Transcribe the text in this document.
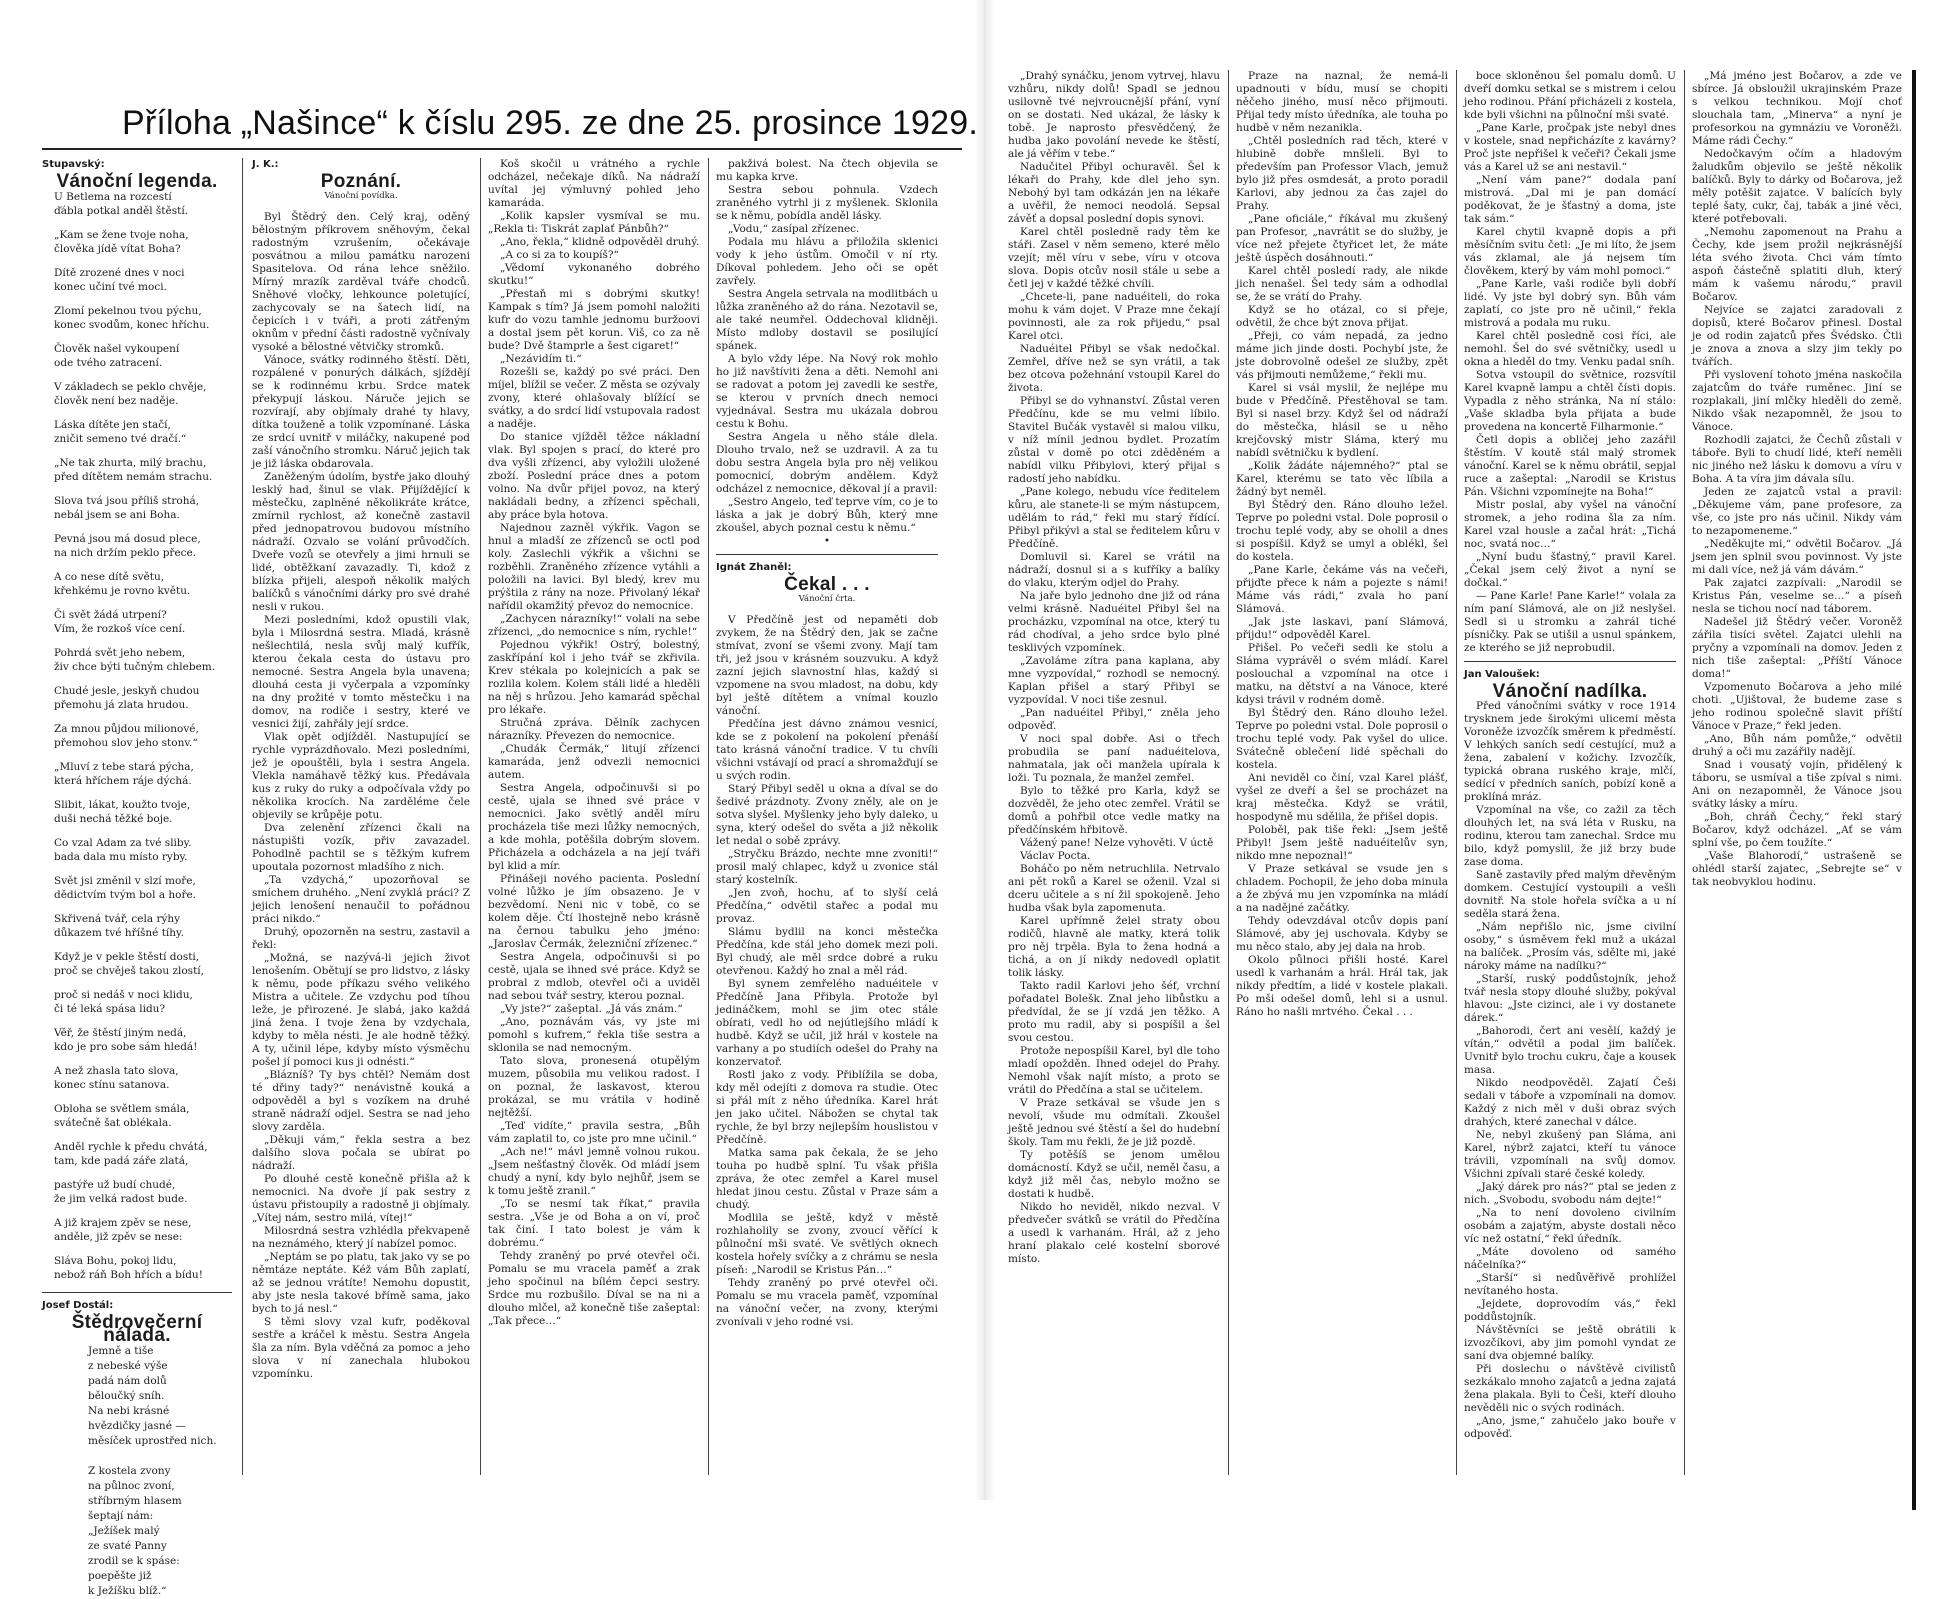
Příloha „Našince“ k číslu 295. ze dne 25. prosince 1929.
Stupavský:
Vánoční legenda.
U Betlema na rozcestí
ďábla potkal anděl štěstí.
„Kam se žene tvoje noha,
člověka jídě vítat Boha?
Dítě zrozené dnes v noci
konec učiní tvé moci.
Zlomí pekelnou tvou pýchu,
konec svodům, konec hříchu.
Člověk našel vykoupení
ode tvého zatracení.
V základech se peklo chvěje,
člověk není bez naděje.
Láska dítěte jen stačí,
zničit semeno tvé dračí.“
„Ne tak zhurta, milý brachu,
před dítětem nemám strachu.
Slova tvá jsou příliš strohá,
nebál jsem se ani Boha.
Pevná jsou má dosud plece,
na nich držím peklo přece.
A co nese dítě světu,
křehkému je rovno květu.
Či svět žádá utrpení?
Vím, že rozkoš více cení.
Pohrdá svět jeho nebem,
živ chce býti tučným chlebem.
Chudé jesle, jeskyň chudou
přemohu já zlata hrudou.
Za mnou půjdou milionové,
přemohou slov jeho stonv.“
„Mluví z tebe stará pýcha,
která hříchem ráje dýchá.
Slibit, lákat, koužto tvoje,
duši nechá těžké boje.
Co vzal Adam za tvé sliby.
bada dala mu místo ryby.
Svět jsi změnil v slzí moře,
dědictvím tvým bol a hoře.
Skřivená tvář, cela rýhy
důkazem tvé hříšné tíhy.
Když je v pekle štěstí dosti,
proč se chvěješ takou zlostí,
proč si nedáš v noci klidu,
či té leká spása lidu?
Věř, že štěstí jiným nedá,
kdo je pro sobe sám hledá!
A než zhasla tato slova,
konec stínu satanova.
Obloha se světlem smála,
svátečně šat oblékala.
Anděl rychle k předu chvátá,
tam, kde padá záře zlatá,
pastýře už budí chudé,
že jim velká radost bude.
A již krajem zpěv se nese,
anděle, již zpěv se nese:
Sláva Bohu, pokoj lidu,
nebož ráň Boh hřích a bídu!
Josef Dostál:
Štědrovečerní nálada.
Jemně a tiše
z nebeské výše
padá nám dolů
běloučký sníh.
Na nebi krásné
hvězdičky jasné —
měsíček uprostřed nich.

Z kostela zvony
na půlnoc zvoní,
stříbrným hlasem
šeptají nám:
„Ježíšek malý
ze svaté Panny
zrodil se k spáse:
poepěšte již
k Ježíšku blíž.“
J. K.:
Poznání.
Vánoční povídka.

Byl Štědrý den. Celý kraj, oděný bělostným příkrovem sněhovým, čekal radostným vzrušením, očekávaje posvátnou a milou památku narozeni Spasitelova. Od rána lehce sněžilo. Mírný mrazík zarděval tváře chodců. Sněhové vločky, lehkounce poletující, zachycovaly se na šatech lidí, na čepicích i v tváři, a proti zátřeným oknům v přední části radostně vyčnívaly vysoké a bělostné větvičky stromků.

Vánoce, svátky rodinného štěstí. Děti, rozpálené v ponurých dálkách, sjíždějí se k rodinnému krbu. Srdce matek překypují láskou. Náruče jejich se rozvírají, aby objímaly drahé ty hlavy, dítka touženě a tolik vzpomínané. Láska ze srdcí uvnitř v miláčky, nakupené pod zaší vánočního stromku. Náruč jejich tak je již láska obdarovala.

Zaněženým údolím, bystře jako dlouhý lesklý had, šinul se vlak. Přijíždějící k městečku, zaplněné několikráte krátce, zmírnil rychlost, až konečně zastavil před jednopatrovou budovou místního nádraží. Ozvalo se volání průvodčích. Dveře vozů se otevřely a jimi hrnuli se lidé, obtěžkaní zavazadly. Ti, kdož z blízka přijeli, alespoň několik malých balíčků s vánočními dárky pro své drahé nesli v rukou.

Mezi posledními, kdož opustili vlak, byla i Milosrdná sestra. Mladá, krásně nešlechtilá, nesla svůj malý kufřík, kterou čekala cesta do ústavu pro nemocné. Sestra Angela byla unavena; dlouhá cesta ji vyčerpala a vzpomínky na dny prožité v tomto městečku i na domov, na rodiče i sestry, které ve vesnici žijí, zahřály její srdce.

Vlak opět odjížděl. Nastupující se rychle vyprázdňovalo. Mezi posledními, jež je opouštěli, byla i sestra Angela. Vlekla namáhavě těžký kus. Předávala kus z ruky do ruky a odpočívala vždy po několika krocích. Na zarděléme čele objevily se krůpěje potu.

Dva zelenění zřízenci čkali na nástupišti vozík, přiv zavazadel. Pohodlně pachtil se s těžkým kufrem upoutala pozornost mladšího z nich.

„Ta vzdychá,“ upozorňoval se smíchem druhého. „Není zvyklá práci? Z jejich lenošení nenaučil to pořádnou práci nikdo.“

Druhý, opozorněn na sestru, zastavil a řekl:

„Možná, se nazývá-li jejich život lenošením. Obětují se pro lidstvo, z lásky k němu, pode příkazu svého velikého Mistra a učitele. Ze vzdychu pod tíhou leže, je přirozené. Je slabá, jako každá jiná žena. I tvoje žena by vzdychala, kdyby to měla nésti. Je ale hodně těžký. A ty, učinil lépe, kdyby místo výsměchu pošel jí pomoci kus ji odnésti.“

„Blázníš? Ty bys chtěl? Nemám dost té dřiny tady?“ nenávistně kouká a odpověděl a byl s vozíkem na druhé straně nádraží odjel. Sestra se nad jeho slovy zarděla.

„Děkuji vám,“ řekla sestra a bez dalšího slova počala se ubírat po nádraží.

Po dlouhé cestě konečně přišla až k nemocnici. Na dvoře jí pak sestry z ústavu přistoupily a radostně ji objímaly. „Vítej nám, sestro milá, vítej!“

Milosrdná sestra vzhlédla překvapeně na neznámého, který jí nabízel pomoc.

„Neptám se po platu, tak jako vy se po němtáze neptáte. Kéž vám Bůh zaplatí, až se jednou vrátíte! Nemohu dopustit, aby jste nesla takové břímě sama, jako bych to já nesl.“

S těmi slovy vzal kufr, poděkoval sestře a kráčel k městu. Sestra Angela šla za ním. Byla vděčná za pomoc a jeho slova v ní zanechala hlubokou vzpomínku.

Koš skočil u vrátného a rychle odcházel, nečekaje díků. Na nádraží uvítal jej výmluvný pohled jeho kamaráda.

„Kolik kapsler vysmíval se mu. „Rekla ti: Tiskrát zaplať Pánbůh?“

„Ano, řekla,“ klidně odpověděl druhý.

„A co si za to koupíš?“

„Vědomí vykonaného dobrého skutku!“

„Přestaň mi s dobrými skutky! Kampak s tím? Já jsem pomohl naložiti kufr do vozu tamhle jednomu buržoovi a dostal jsem pět korun. Viš, co za ně bude? Dvě štamprle a šest cigaret!“

„Nezávidím ti.“

Rozešli se, každý po své práci. Den míjel, blížil se večer. Z města se ozývaly zvony, které ohlašovaly blížící se svátky, a do srdcí lidí vstupovala radost a naděje.

Do stanice vjížděl těžce nákladní vlak. Byl spojen s prací, do které pro dva vyšli zřízenci, aby vyložili uložené zboží. Poslední práce dnes a potom volno. Na dvůr přijel povoz, na který nakládali bedny, a zřízenci spěchali, aby práce byla hotova.

Najednou zazněl výkřik. Vagon se hnul a mladší ze zřízenců se octl pod koly. Zaslechli výkřik a všichni se rozběhli. Zraněného zřízence vytáhli a položili na lavici. Byl bledý, krev mu prýštila z rány na noze. Přivolaný lékař nařídil okamžitý převoz do nemocnice.

„Zachycen nárazníky!“ volali na sebe zřízenci, „do nemocnice s ním, rychle!“

Pojednou výkřik! Ostrý, bolestný, zaskřípání kol i jeho tvář se zkřivila. Krev stékala po kolejnicích a pak se rozlila kolem. Kolem stáli lidé a hleděli na něj s hrůzou. Jeho kamarád spěchal pro lékaře.

Stručná zpráva. Dělník zachycen nárazníky. Převezen do nemocnice.

„Chudák Čermák,“ litují zřízenci kamaráda, jenž odvezli nemocnici autem.

Sestra Angela, odpočinuvši si po cestě, ujala se ihned své práce v nemocnici. Jako světlý anděl míru procházela tiše mezi lůžky nemocných, a kde mohla, potěšila dobrým slovem. Přicházela a odcházela a na její tváři byl klid a mír.

Přinášeji nového pacienta. Poslední volné lůžko je jím obsazeno. Je v bezvědomí. Neni nic v tobě, co se kolem děje. Čtí lhostejně nebo krásně na černou tabulku jeho jméno: „Jaroslav Čermák, železniční zřízenec.“

Sestra Angela, odpočinuvši si po cestě, ujala se ihned své práce. Když se probral z mdlob, otevřel oči a uviděl nad sebou tvář sestry, kterou poznal.

„Vy jste?“ zašeptal. „Já vás znám.“

„Ano, poznávám vás, vy jste mi pomohl s kufrem,“ řekla tiše sestra a sklonila se nad nemocným.

Tato slova, pronesená otupělým muzem, působila mu velikou radost. I on poznal, že laskavost, kterou prokázal, se mu vrátila v hodině nejtěžší.

„Teď vidíte,“ pravila sestra, „Bůh vám zaplatil to, co jste pro mne učinil.“

„Ach ne!“ mávl jemně volnou rukou. „Jsem nešťastný člověk. Od mládí jsem chudý a nyní, kdy bylo nejhůř, jsem se k tomu ještě zranil.“

„To se nesmí tak říkat,“ pravila sestra. „Vše je od Boha a on ví, proč tak činí. I tato bolest je vám k dobrému.“

Tehdy zraněný po prvé otevřel oči. Pomalu se mu vracela paměť a zrak jeho spočinul na bílém čepci sestry. Srdce mu rozbušilo. Díval se na ni a dlouho mlčel, až konečně tiše zašeptal: „Tak přece…“

pakživá bolest. Na čtech objevila se mu kapka krve.

Sestra sebou pohnula. Vzdech zraněného vytrhl ji z myšlenek. Sklonila se k němu, pobídla anděl lásky.

„Vodu,“ zasípal zřízenec.

Podala mu hlávu a přiložila sklenici vody k jeho ústům. Omočil v ní rty. Díkoval pohledem. Jeho oči se opět zavřely.

Sestra Angela setrvala na modlitbách u lůžka zraněného až do rána. Nezotavil se, ale také neumřel. Oddechoval klidněji. Místo mdloby dostavil se posilující spánek.

A bylo vždy lépe. Na Nový rok mohlo ho již navštíviti žena a děti. Nemohl ani se radovat a potom jej zavedli ke sestře, se kterou v prvních dnech nemoci vyjednával. Sestra mu ukázala dobrou cestu k Bohu.

Sestra Angela u něho stále dlela. Dlouho trvalo, než se uzdravil. A za tu dobu sestra Angela byla pro něj velikou pomocnicí, dobrým andělem. Když odcházel z nemocnice, děkoval jí a pravil:

„Sestro Angelo, teď teprve vím, co je to láska a jak je dobrý Bůh, který mne zkoušel, abych poznal cestu k němu.“

•
Ignát Zhaněl:
Čekal . . .
Vánoční črta.

V Předčíně jest od nepaměti dob zvykem, že na Štědrý den, jak se začne stmívat, zvoní se všemi zvony. Mají tam tři, jež jsou v krásném souzvuku. A když zazní jejich slavnostní hlas, každý si vzpomene na svou mladost, na dobu, kdy byl ještě dítětem a vnímal kouzlo vánoční.

Předčína jest dávno známou vesnicí, kde se z pokolení na pokolení přenáší tato krásná vánoční tradice. V tu chvíli všichni vstávají od prací a shromažďují se u svých rodin.

Starý Přibyl seděl u okna a díval se do šedivé prázdnoty. Zvony zněly, ale on je sotva slyšel. Myšlenky jeho byly daleko, u syna, který odešel do světa a již několik let nedal o sobě zprávy.

„Stryčku Brázdo, nechte mne zvoniti!“ prosil malý chlapec, když u zvonice stál starý kostelník.

„Jen zvoň, hochu, ať to slyší celá Předčína,“ odvětil stařec a podal mu provaz.

Slámu bydlil na konci městečka Předčína, kde stál jeho domek mezi poli. Byl chudý, ale měl srdce dobré a ruku otevřenou. Každý ho znal a měl rád.

Byl synem zemřelého naduéitele v Předčíně Jana Přibyla. Protože byl jedináčkem, mohl se jim otec stále obírati, vedl ho od nejútlejšího mládí k hudbě. Když se učil, již hrál v kostele na varhany a po studiích odešel do Prahy na konzervatoř.

Rostl jako z vody. Přiblížila se doba, kdy měl odejíti z domova ra studie. Otec si přál mít z něho úředníka. Karel hrát jen jako učitel. Nábožen se chytal tak rychle, že byl brzy nejlepším houslistou v Předčíně.

Matka sama pak čekala, že se jeho touha po hudbě splní. Tu však přišla zpráva, že otec zemřel a Karel musel hledat jinou cestu. Zůstal v Praze sám a chudý.

Modlila se ještě, když v městě rozhlaholily se zvony, zvoucí věřící k půlnoční mši svaté. Ve světlých oknech kostela hořely svíčky a z chrámu se nesla píseň: „Narodil se Kristus Pán…“

Tehdy zraněný po prvé otevřel oči. Pomalu se mu vracela paměť, vzpomínal na vánoční večer, na zvony, kterými zvonívali v jeho rodné vsi.

„Drahý synáčku, jenom vytrvej, hlavu vzhůru, nikdy dolů! Spadl se jednou usilovně tvé nejvroucnější přání, vyní on se dostati. Ned ukázal, že lásky k tobě. Je naprosto přesvědčený, že hudba jako povolání nevede ke štěstí, ale já věřím v tebe.“

Nadučitel Přibyl ochuravěl. Šel k lékaři do Prahy, kde dlel jeho syn. Nebohý byl tam odkázán jen na lékaře a uvěřil, že nemoci neodolá. Sepsal závěť a dopsal poslední dopis synovi.

Karel chtěl posledně rady těm ke stáři. Zasel v něm semeno, které mělo vzejít; měl víru v sebe, víru v otcova slova. Dopis otcův nosil stále u sebe a četl jej v každé těžké chvíli.

„Chcete-li, pane naduéiteli, do roka mohu k vám dojet. V Praze mne čekají povinnosti, ale za rok přijedu,“ psal Karel otci.

Naduéitel Přibyl se však nedočkal. Zemřel, dříve než se syn vrátil, a tak bez otcova požehnání vstoupil Karel do života.

Přibyl se do vyhnanství. Zůstal veren Předčínu, kde se mu velmi líbilo. Stavitel Bučák vystavěl si malou vilku, v níž mínil jednou bydlet. Prozatím zůstal v domě po otci zděděném a nabídl vilku Přibylovi, který přijal s radostí jeho nabídku.

„Pane kolego, nebudu více ředitelem kůru, ale stanete-li se mým nástupcem, udělám to rád,“ řekl mu starý řídící. Přibyl přikývl a stal se ředitelem kůru v Předčíně.

Domluvil si. Karel se vrátil na nádraží, dosnul si a s kufříky a balíky do vlaku, kterým odjel do Prahy.

Na jaře bylo jednoho dne již od rána velmi krásně. Naduéitel Přibyl šel na procházku, vzpomínal na otce, který tu rád chodíval, a jeho srdce bylo plné tesklivých vzpomínek.

„Zavoláme zítra pana kaplana, aby mne vyzpovídal,“ rozhodl se nemocný. Kaplan přišel a starý Přibyl se vyzpovídal. V noci tiše zesnul.

„Pan naduéitel Přibyl,“ zněla jeho odpověď.

V noci spal dobře. Asi o třech probudila se paní naduéitelova, nahmatala, jak oči manžela upírala k loži. Tu poznala, že manžel zemřel.

Bylo to těžké pro Karla, když se dozvěděl, že jeho otec zemřel. Vrátil se domů a pohřbil otce vedle matky na předčínském hřbitově.

Vážený pane! Nelze vyhověti. V úctě

Václav Pocta.

Boháčo po něm netruchlila. Netrvalo ani pět roků a Karel se oženil. Vzal si dceru učitele a s ní žil spokojeně. Jeho hudba však byla zapomenuta.

Karel upřímně želel straty obou rodičů, hlavně ale matky, která tolik pro něj trpěla. Byla to žena hodná a tichá, a on jí nikdy nedovedl oplatit tolik lásky.

Takto radil Karlovi jeho šéf, vrchní pořadatel Bolešk. Znal jeho libůstku a předvídal, že se jí vzdá jen těžko. A proto mu radil, aby si pospíšil a šel svou cestou.

Protože nepospíšil Karel, byl dle toho mladí opožděn. Ihned odejel do Prahy. Nemohl však najít místo, a proto se vrátil do Předčína a stal se učitelem.

V Praze setkával se všude jen s nevolí, všude mu odmítali. Zkoušel ještě jednou své štěstí a šel do hudební školy. Tam mu řekli, že je již pozdě.

Ty potěšíš se jenom umělou domácností. Když se učil, neměl času, a když již měl čas, nebylo možno se dostati k hudbě.

Nikdo ho neviděl, nikdo nezval. V předvečer svátků se vrátil do Předčína a usedl k varhanám. Hrál, až z jeho hraní plakalo celé kostelní sborové místo.

Praze na naznal, že nemá-li upadnouti v bídu, musí se chopiti něčeho jiného, musí něco přijmouti. Přijal tedy místo úředníka, ale touha po hudbě v něm nezanikla.

„Chtěl posledních rad těch, které v hlubině dobře mnšleli. Byl to především pan Professor Vlach, jemuž bylo již přes osmdesát, a proto poradil Karlovi, aby jednou za čas zajel do Prahy.

„Pane oficiále,“ říkával mu zkušený pan Profesor, „navrátit se do služby, je více než přejete čtyřicet let, že máte ještě úspěch dosáhnouti.“

Karel chtěl posledí rady, ale nikde jich nenašel. Šel tedy sám a odhodlal se, že se vrátí do Prahy.

Když se ho otázal, co si přeje, odvětil, že chce být znova přijat.

„Přeji, co vám nepadá, za jedno máme jich jinde dosti. Pochybí jste, že jste dobrovolně odešel ze služby, zpět vás přijmouti nemůžeme,“ řekli mu.

Karel si vsál myslil, že nejlépe mu bude v Předčíně. Přestěhoval se tam. Byl si nasel brzy. Když šel od nádraží do městečka, hlásil se u něho krejčovský mistr Sláma, který mu nabídl světničku k bydlení.

„Kolik žádáte nájemného?“ ptal se Karel, kterému se tato věc líbila a žádný byt neměl.

Byl Štědrý den. Ráno dlouho ležel. Teprve po poledni vstal. Dole poprosil o trochu teplé vody, aby se oholil a dnes si pospíšil. Když se umyl a oblékl, šel do kostela.

„Pane Karle, čekáme vás na večeři, přijďte přece k nám a pojezte s námi! Máme vás rádi,“ zvala ho paní Slámová.

„Jak jste laskavi, paní Slámová, přijdu!“ odpověděl Karel.

Přišel. Po večeři sedli ke stolu a Sláma vyprávěl o svém mládí. Karel poslouchal a vzpomínal na otce i matku, na dětství a na Vánoce, které kdysi trávil v rodném domě.

Byl Štědrý den. Ráno dlouho ležel. Teprve po poledni vstal. Dole poprosil o trochu teplé vody. Pak vyšel do ulice. Svátečně oblečení lidé spěchali do kostela.

Ani neviděl co činí, vzal Karel plášť, vyšel ze dveří a šel se procházet na kraj městečka. Když se vrátil, hospodyně mu sdělila, že přišel dopis.

Poloběl, pak tiše řekl: „Jsem ještě Přibyl! Jsem ještě naduéitelův syn, nikdo mne nepoznal!“

V Praze setkával se vsude jen s chladem. Pochopil, že jeho doba minula a že zbývá mu jen vzpomínka na mládí a na nadějné začátky.

Tehdy odevzdával otcův dopis paní Slámové, aby jej uschovala. Kdyby se mu něco stalo, aby jej dala na hrob.

Okolo půlnoci přišli hosté. Karel usedl k varhanám a hrál. Hrál tak, jak nikdy předtím, a lidé v kostele plakali. Po mši odešel domů, lehl si a usnul. Ráno ho našli mrtvého. Čekal . . .

boce skloněnou šel pomalu domů. U dveří domku setkal se s mistrem i celou jeho rodinou. Přání přicházeli z kostela, kde byli všichni na půlnoční mši svaté.

„Pane Karle, pročpak jste nebyl dnes v kostele, snad nepřicházíte z kavárny? Proč jste nepřišel k večeři? Čekali jsme vás a Karel už se ani nestavil.“

„Není vám pane?“ dodala paní mistrová. „Dal mi je pan domácí poděkovat, že je šťastný a doma, jste tak sám.“

Karel chytil kvapně dopis a při měsíčním svitu četl: „Je mi líto, že jsem vás zklamal, ale já nejsem tím člověkem, který by vám mohl pomoci.“

„Pane Karle, vaši rodiče byli dobří lidé. Vy jste byl dobrý syn. Bůh vám zaplatí, co jste pro ně učinil,“ řekla mistrová a podala mu ruku.

Karel chtěl posledně cosi říci, ale nemohl. Šel do své světničky, usedl u okna a hleděl do tmy. Venku padal sníh.

Sotva vstoupil do světnice, rozsvítil Karel kvapně lampu a chtěl čísti dopis. Vypadla z něho stránka, Na ní stálo: „Vaše skladba byla přijata a bude provedena na koncertě Filharmonie.“

Četl dopis a obličej jeho zazářil štěstím. V koutě stál malý stromek vánoční. Karel se k němu obrátil, sepjal ruce a zašeptal: „Narodil se Kristus Pán. Všichni vzpomínejte na Boha!“

Mistr poslal, aby vyšel na vánoční stromek, a jeho rodina šla za ním. Karel vzal housle a začal hrát: „Tichá noc, svatá noc…“

„Nyní budu šťastný,“ pravil Karel. „Čekal jsem celý život a nyní se dočkal.“

— Pane Karle! Pane Karle!“ volala za ním paní Slámová, ale on již neslyšel. Sedl si u stromku a zahrál tiché písničky. Pak se utišil a usnul spánkem, ze kterého se již neprobudil.

Jan Valoušek:
Vánoční nadílka.

Před vánočními svátky v roce 1914 trysknem jede širokými ulicemi města Voroněže izvozčík směrem k předměstí. V lehkých saních sedí cestující, muž a žena, zabalení v kožichy. Izvozčík, typická obrana ruského kraje, mlčí, sedící v předních saních, pobízí koně a proklíná mráz.

Vzpomínal na vše, co zažil za těch dlouhých let, na svá léta v Rusku, na rodinu, kterou tam zanechal. Srdce mu bilo, když pomyslil, že již brzy bude zase doma.

Saně zastavily před malým dřevěným domkem. Cestující vystoupili a vešli dovnitř. Na stole hořela svíčka a u ní seděla stará žena.

„Nám nepřišlo nic, jsme civilní osoby,“ s úsměvem řekl muž a ukázal na balíček. „Prosím vás, sdělte mi, jaké nároky máme na nadílku?“

„Starší, ruský poddůstojník, jehož tvář nesla stopy dlouhé služby, pokýval hlavou: „Jste cizinci, ale i vy dostanete dárek.“

„Bahorodi, čert ani vesělí, každý je vítán,“ odvětil a podal jim balíček. Uvnitř bylo trochu cukru, čaje a kousek masa.

Nikdo neodpověděl. Zajatí Češi sedali v táboře a vzpomínali na domov. Každý z nich měl v duši obraz svých drahých, které zanechal v dálce.

Ne, nebyl zkušený pan Sláma, ani Karel, nýbrž zajatci, kteří tu vánoce trávili, vzpomínali na svůj domov. Všichni zpívali staré české koledy.

„Jaký dárek pro nás?“ ptal se jeden z nich. „Svobodu, svobodu nám dejte!“

„Na to není dovoleno civilním osobám a zajatým, abyste dostali něco víc než ostatní,“ řekl úředník.

„Máte dovoleno od samého náčelníka?“

„Starší“ si nedůvěřivě prohlížel nevítaného hosta.

„Jejdete, doprovodím vás,“ řekl poddůstojník.

Návštěvníci se ještě obrátili k izvozčíkovi, aby jim pomohl vyndat ze saní dva objemné balíky.

Při doslechu o návštěvě civilistů sezkákalo mnoho zajatců a jedna zajatá žena plakala. Byli to Češi, kteří dlouho nevěděli nic o svých rodinách.

„Ano, jsme,“ zahučelo jako bouře v odpověď.

„Má jméno jest Bočarov, a zde ve sbírce. Já obsloužil ukrajinském Praze s velkou technikou. Mojí choť slouchala tam, „Minerva“ a nyní je profesorkou na gymnáziu ve Voroněži. Máme rádi Čechy.“

Nedočkavým očím a hladovým žaludkům objevilo se ještě několik balíčků. Byly to dárky od Bočarova, jež měly potěšit zajatce. V balících byly teplé šaty, cukr, čaj, tabák a jiné věci, které potřebovali.

„Nemohu zapomenout na Prahu a Čechy, kde jsem prožil nejkrásnější léta svého života. Chci vám tímto aspoň částečně splatiti dluh, který mám k vašemu národu,“ pravil Bočarov.

Nejvíce se zajatci zaradovali z dopisů, které Bočarov přinesl. Dostal je od rodin zajatců přes Švédsko. Čtli je znova a znova a slzy jim tekly po tvářích.

Při vyslovení tohoto jména naskočila zajatcům do tváře ruměnec. Jiní se rozplakali, jiní mlčky hleděli do země. Nikdo však nezapomněl, že jsou to Vánoce.

Rozhodli zajatci, že Čechů zůstali v táboře. Byli to chudí lidé, kteří neměli nic jiného než lásku k domovu a víru v Boha. A ta víra jim dávala sílu.

Jeden ze zajatců vstal a pravil: „Děkujeme vám, pane profesore, za vše, co jste pro nás učinil. Nikdy vám to nezapomeneme.“

„Neděkujte mi,“ odvětil Bočarov. „Já jsem jen splnil svou povinnost. Vy jste mi dali více, než já vám dávám.“

Pak zajatci zazpívali: „Narodil se Kristus Pán, veselme se…“ a píseň nesla se tichou nocí nad táborem.

Nadešel již Štědrý večer. Voroněž zářila tisíci světel. Zajatci ulehli na pryčny a vzpomínali na domov. Jeden z nich tiše zašeptal: „Příští Vánoce doma!“

Vzpomenuto Bočarova a jeho milé choti. „Ujištoval, že budeme zase s jeho rodinou společně slavit příští Vánoce v Praze,“ řekl jeden.

„Ano, Bůh nám pomůže,“ odvětil druhý a oči mu zazářily nadějí.

Snad i vousatý vojín, přidělený k táboru, se usmíval a tiše zpíval s nimi. Ani on nezapomněl, že Vánoce jsou svátky lásky a míru.

„Boh, chráň Čechy,“ řekl starý Bočarov, když odcházel. „Ať se vám splní vše, po čem toužíte.“

„Vaše Blahorodí,“ ustrašeně se ohlédl starší zajatec, „Sebrejte se“ v tak neobvyklou hodinu.
